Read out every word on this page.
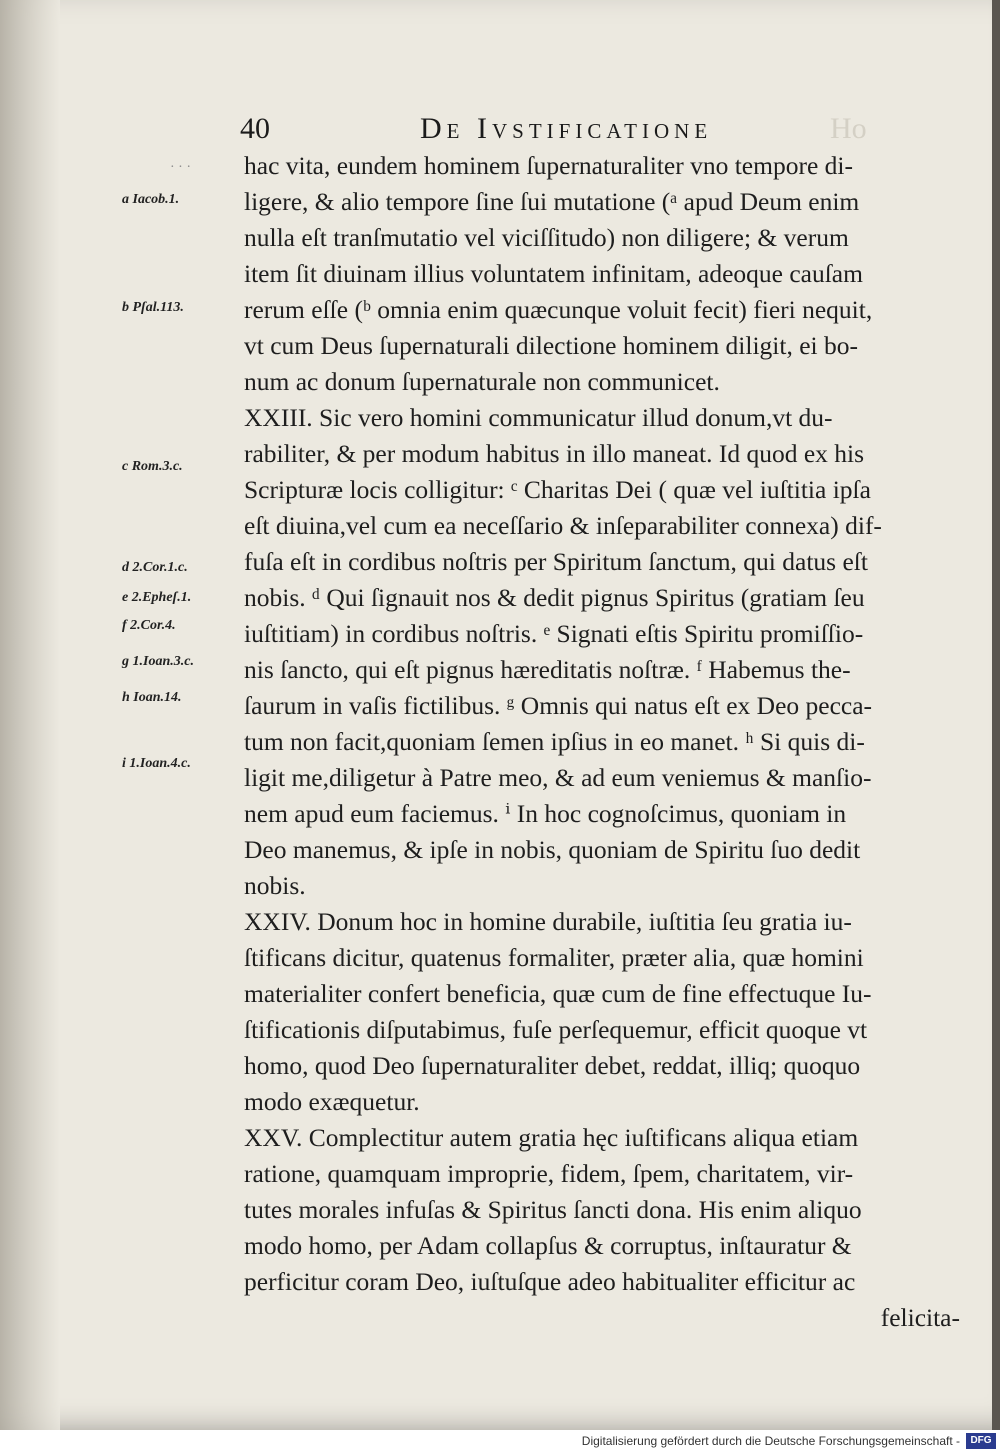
40	De Ivstificatione	Ho
· · ·
a Iacob.1.
b Pſal.113.
c Rom.3.c.
d 2.Cor.1.c.
e 2.Epheſ.1.
f 2.Cor.4.
g 1.Ioan.3.c.
h Ioan.14.
i 1.Ioan.4.c.
hac vita, eundem hominem ſupernaturaliter vno tempore di-
ligere, & alio tempore ſine ſui mutatione (ᵃ apud Deum enim
nulla eſt tranſmutatio vel viciſſitudo) non diligere; & verum
item ſit diuinam illius voluntatem infinitam, adeoque cauſam
rerum eſſe (ᵇ omnia enim quæcunque voluit fecit) fieri nequit,
vt cum Deus ſupernaturali dilectione hominem diligit, ei bo-
num ac donum ſupernaturale non communicet.
XXIII. Sic vero homini communicatur illud donum,vt du-
rabiliter, & per modum habitus in illo maneat. Id quod ex his
Scripturæ locis colligitur: ᶜ Charitas Dei ( quæ vel iuſtitia ipſa
eſt diuina,vel cum ea neceſſario & inſeparabiliter connexa) dif-
fuſa eſt in cordibus noſtris per Spiritum ſanctum, qui datus eſt
nobis. ᵈ Qui ſignauit nos & dedit pignus Spiritus (gratiam ſeu
iuſtitiam) in cordibus noſtris. ᵉ Signati eſtis Spiritu promiſſio-
nis ſancto, qui eſt pignus hæreditatis noſtræ. ᶠ Habemus the-
ſaurum in vaſis fictilibus. ᵍ Omnis qui natus eſt ex Deo pecca-
tum non facit,quoniam ſemen ipſius in eo manet. ʰ Si quis di-
ligit me,diligetur à Patre meo, & ad eum veniemus & manſio-
nem apud eum faciemus. ⁱ In hoc cognoſcimus, quoniam in
Deo manemus, & ipſe in nobis, quoniam de Spiritu ſuo dedit
nobis.
XXIV. Donum hoc in homine durabile, iuſtitia ſeu gratia iu-
ſtificans dicitur, quatenus formaliter, præter alia, quæ homini
materialiter confert beneficia, quæ cum de fine effectuque Iu-
ſtificationis diſputabimus, fuſe perſequemur, efficit quoque vt
homo, quod Deo ſupernaturaliter debet, reddat, illiq; quoquo
modo exæquetur.
XXV. Complectitur autem gratia hęc iuſtificans aliqua etiam
ratione, quamquam improprie, fidem, ſpem, charitatem, vir-
tutes morales infuſas & Spiritus ſancti dona. His enim aliquo
modo homo, per Adam collapſus & corruptus, inſtauratur &
perficitur coram Deo, iuſtuſque adeo habitualiter efficitur ac
felicita-
Digitalisierung gefördert durch die Deutsche Forschungsgemeinschaft -	DFG
